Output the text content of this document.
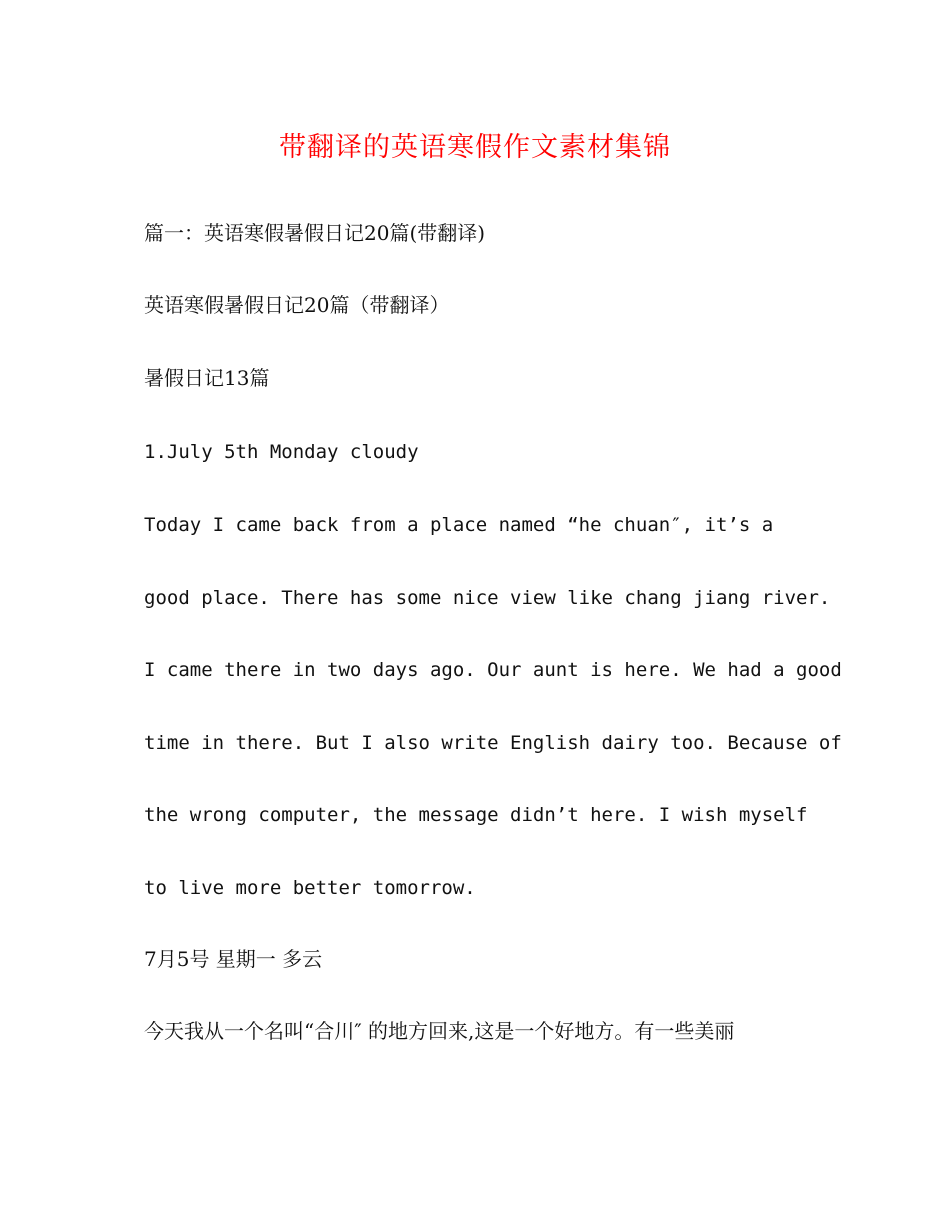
带翻译的英语寒假作文素材集锦
篇一：英语寒假暑假日记20篇(带翻译)
英语寒假暑假日记20篇（带翻译）
暑假日记13篇
1.July 5th Monday cloudy
Today I came back from a place named “he chuan″, it’s a
good place. There has some nice view like chang jiang river.
I came there in two days ago. Our aunt is here. We had a good
time in there. But I also write English dairy too. Because of
the wrong computer, the message didn’t here. I wish myself
to live more better tomorrow.
7月5号 星期一 多云
今天我从一个名叫“合川″ 的地方回来,这是一个好地方。有一些美丽
